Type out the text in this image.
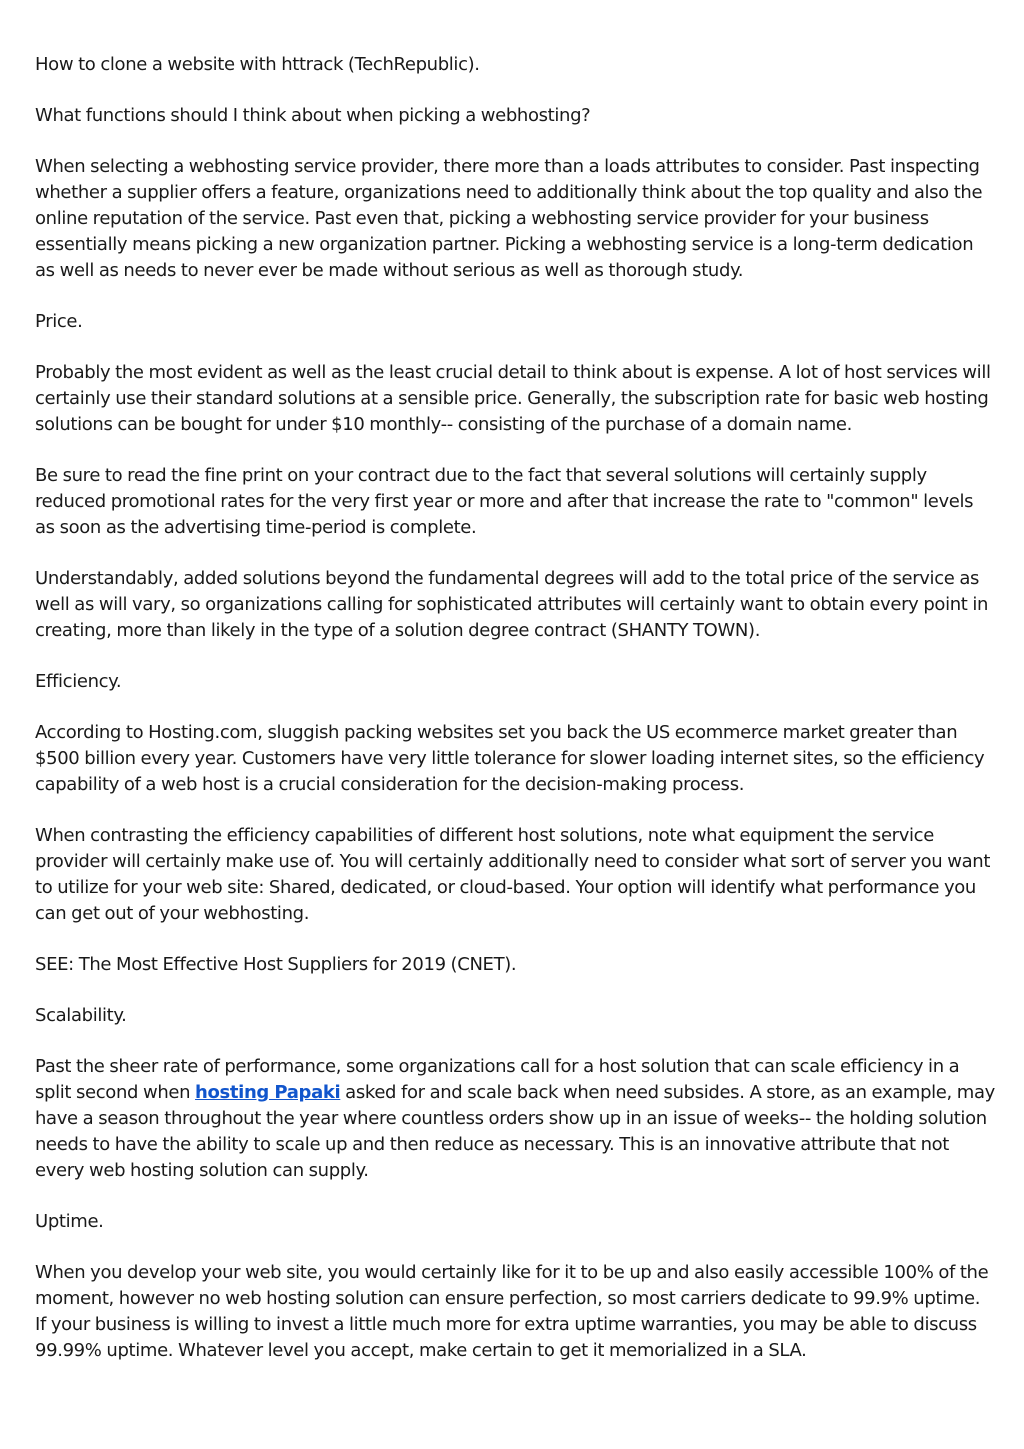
How to clone a website with httrack (TechRepublic).

What functions should I think about when picking a webhosting?

When selecting a webhosting service provider, there more than a loads attributes to consider. Past inspecting whether a supplier offers a feature, organizations need to additionally think about the top quality and also the online reputation of the service. Past even that, picking a webhosting service provider for your business essentially means picking a new organization partner. Picking a webhosting service is a long-term dedication as well as needs to never ever be made without serious as well as thorough study.

Price.

Probably the most evident as well as the least crucial detail to think about is expense. A lot of host services will certainly use their standard solutions at a sensible price. Generally, the subscription rate for basic web hosting solutions can be bought for under $10 monthly-- consisting of the purchase of a domain name.

Be sure to read the fine print on your contract due to the fact that several solutions will certainly supply reduced promotional rates for the very first year or more and after that increase the rate to "common" levels as soon as the advertising time-period is complete.

Understandably, added solutions beyond the fundamental degrees will add to the total price of the service as well as will vary, so organizations calling for sophisticated attributes will certainly want to obtain every point in creating, more than likely in the type of a solution degree contract (SHANTY TOWN).

Efficiency.

According to Hosting.com, sluggish packing websites set you back the US ecommerce market greater than $500 billion every year. Customers have very little tolerance for slower loading internet sites, so the efficiency capability of a web host is a crucial consideration for the decision-making process.

When contrasting the efficiency capabilities of different host solutions, note what equipment the service provider will certainly make use of. You will certainly additionally need to consider what sort of server you want to utilize for your web site: Shared, dedicated, or cloud-based. Your option will identify what performance you can get out of your webhosting.

SEE: The Most Effective Host Suppliers for 2019 (CNET).

Scalability.

Past the sheer rate of performance, some organizations call for a host solution that can scale efficiency in a split second when hosting Papaki asked for and scale back when need subsides. A store, as an example, may have a season throughout the year where countless orders show up in an issue of weeks-- the holding solution needs to have the ability to scale up and then reduce as necessary. This is an innovative attribute that not every web hosting solution can supply.

Uptime.

When you develop your web site, you would certainly like for it to be up and also easily accessible 100% of the moment, however no web hosting solution can ensure perfection, so most carriers dedicate to 99.9% uptime. If your business is willing to invest a little much more for extra uptime warranties, you may be able to discuss 99.99% uptime. Whatever level you accept, make certain to get it memorialized in a SLA.
